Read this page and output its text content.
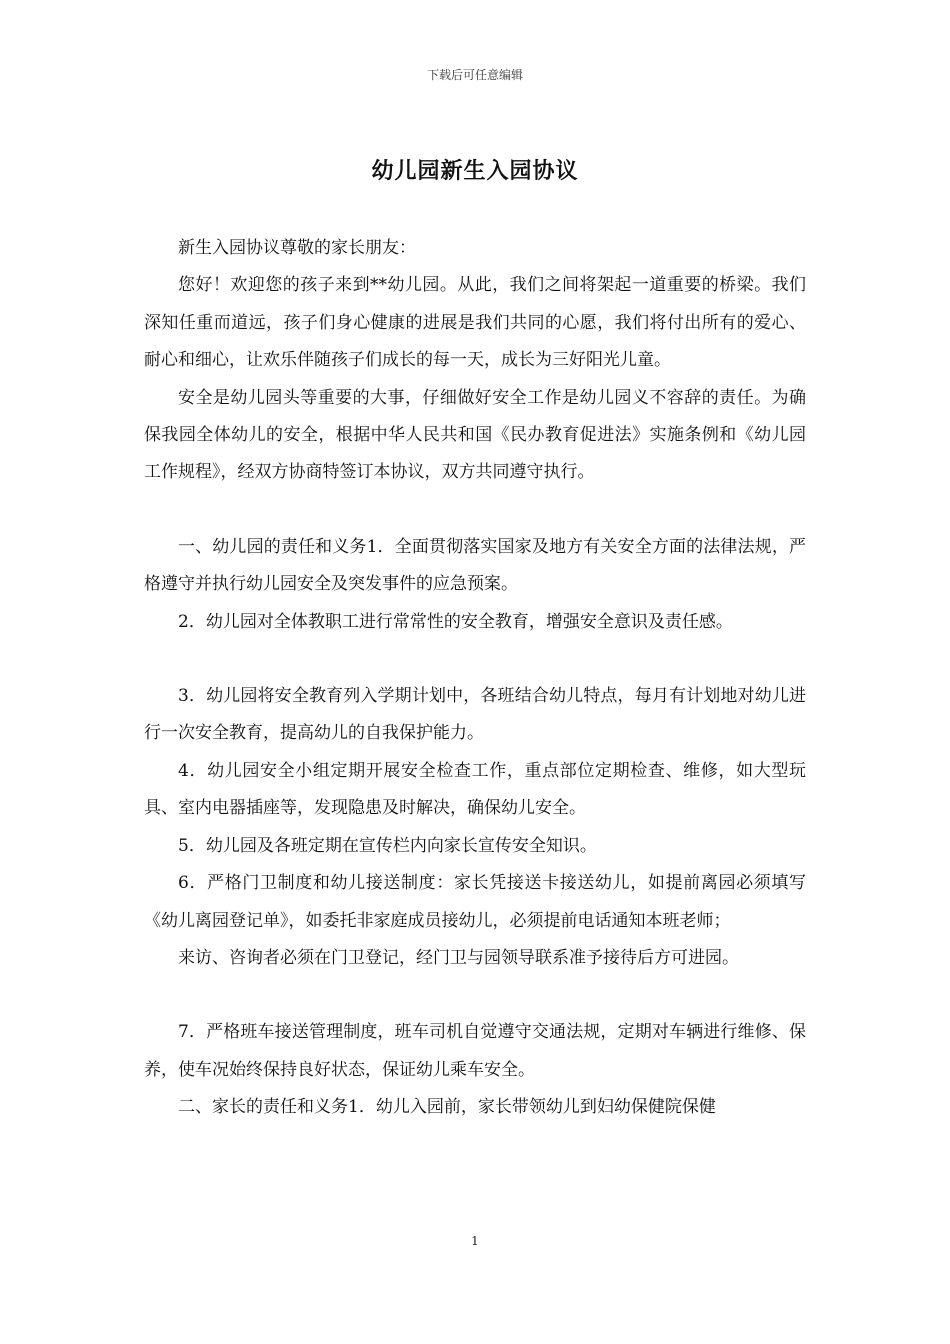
下载后可任意编辑
幼儿园新生入园协议

新生入园协议尊敬的家长朋友：

您好！欢迎您的孩子来到**幼儿园。从此，我们之间将架起一道重要的桥梁。我们深知任重而道远，孩子们身心健康的进展是我们共同的心愿，我们将付出所有的爱心、耐心和细心，让欢乐伴随孩子们成长的每一天，成长为三好阳光儿童。

安全是幼儿园头等重要的大事，仔细做好安全工作是幼儿园义不容辞的责任。为确保我园全体幼儿的安全，根据中华人民共和国《民办教育促进法》实施条例和《幼儿园工作规程》，经双方协商特签订本协议，双方共同遵守执行。

一、幼儿园的责任和义务1．全面贯彻落实国家及地方有关安全方面的法律法规，严格遵守并执行幼儿园安全及突发事件的应急预案。

2．幼儿园对全体教职工进行常常性的安全教育，增强安全意识及责任感。

3．幼儿园将安全教育列入学期计划中，各班结合幼儿特点，每月有计划地对幼儿进行一次安全教育，提高幼儿的自我保护能力。

4．幼儿园安全小组定期开展安全检查工作，重点部位定期检查、维修，如大型玩具、室内电器插座等，发现隐患及时解决，确保幼儿安全。

5．幼儿园及各班定期在宣传栏内向家长宣传安全知识。

6．严格门卫制度和幼儿接送制度：家长凭接送卡接送幼儿，如提前离园必须填写《幼儿离园登记单》，如委托非家庭成员接幼儿，必须提前电话通知本班老师；

来访、咨询者必须在门卫登记，经门卫与园领导联系准予接待后方可进园。

7．严格班车接送管理制度，班车司机自觉遵守交通法规，定期对车辆进行维修、保养，使车况始终保持良好状态，保证幼儿乘车安全。

二、家长的责任和义务1．幼儿入园前，家长带领幼儿到妇幼保健院保健

1
